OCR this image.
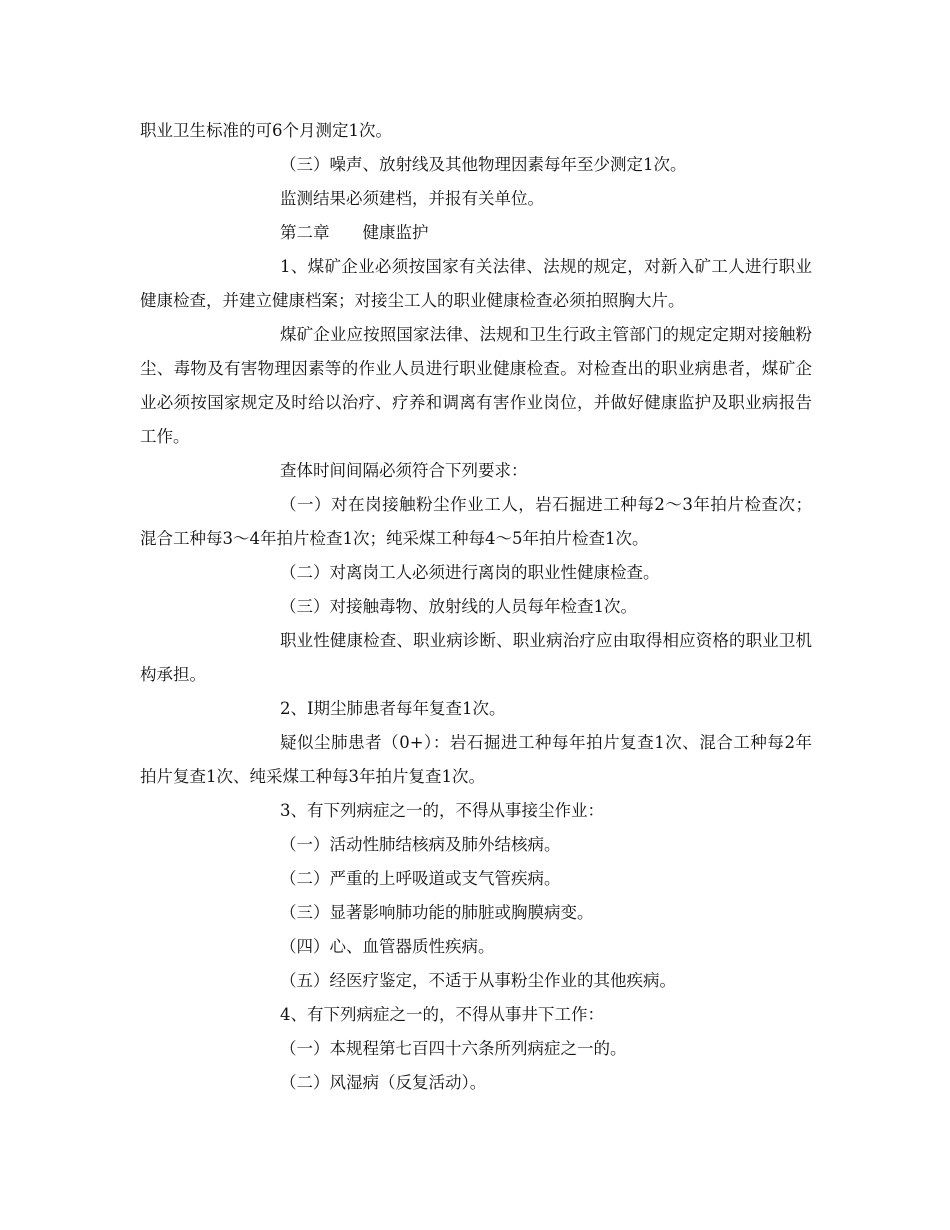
职业卫生标准的可6个月测定1次。

（三）噪声、放射线及其他物理因素每年至少测定1次。

监测结果必须建档，并报有关单位。

第二章　　健康监护

1、煤矿企业必须按国家有关法律、法规的规定，对新入矿工人进行职业健康检查，并建立健康档案；对接尘工人的职业健康检查必须拍照胸大片。

煤矿企业应按照国家法律、法规和卫生行政主管部门的规定定期对接触粉尘、毒物及有害物理因素等的作业人员进行职业健康检查。对检查出的职业病患者，煤矿企业必须按国家规定及时给以治疗、疗养和调离有害作业岗位，并做好健康监护及职业病报告工作。

查体时间间隔必须符合下列要求：

（一）对在岗接触粉尘作业工人，岩石掘进工种每2～3年拍片检查次；混合工种每3～4年拍片检查1次；纯采煤工种每4～5年拍片检查1次。

（二）对离岗工人必须进行离岗的职业性健康检查。

（三）对接触毒物、放射线的人员每年检查1次。

职业性健康检查、职业病诊断、职业病治疗应由取得相应资格的职业卫机构承担。

2、I期尘肺患者每年复查1次。

疑似尘肺患者（0+）：岩石掘进工种每年拍片复查1次、混合工种每2年拍片复查1次、纯采煤工种每3年拍片复查1次。

3、有下列病症之一的，不得从事接尘作业：

（一）活动性肺结核病及肺外结核病。

（二）严重的上呼吸道或支气管疾病。

（三）显著影响肺功能的肺脏或胸膜病变。

（四）心、血管器质性疾病。

（五）经医疗鉴定，不适于从事粉尘作业的其他疾病。

4、有下列病症之一的，不得从事井下工作：

（一）本规程第七百四十六条所列病症之一的。

（二）风湿病（反复活动）。
